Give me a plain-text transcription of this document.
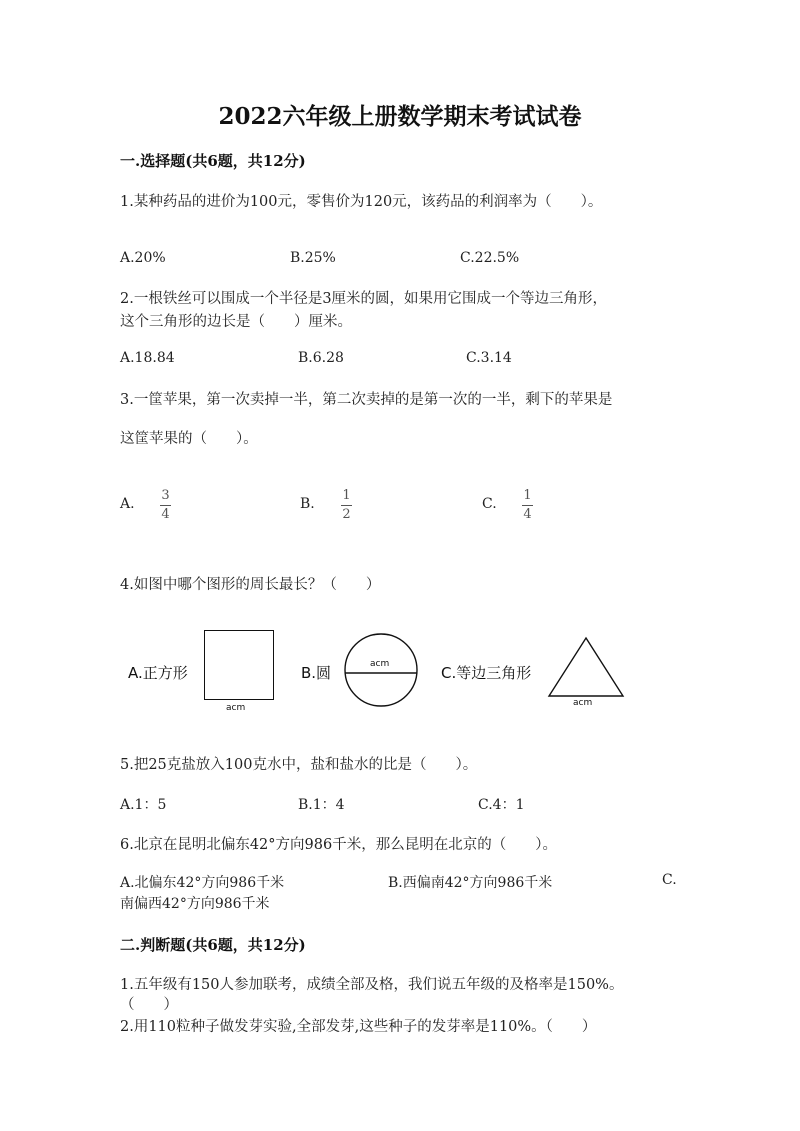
2022六年级上册数学期末考试试卷
一.选择题(共6题，共12分)
1.某种药品的进价为100元，零售价为120元，该药品的利润率为（　　）。
A.20%	B.25%	C.22.5%
2.一根铁丝可以围成一个半径是3厘米的圆，如果用它围成一个等边三角形，
这个三角形的边长是（　　）厘米。
A.18.84	B.6.28	C.3.14
3.一筐苹果，第一次卖掉一半，第二次卖掉的是第一次的一半，剩下的苹果是
这筐苹果的（　　）。
A.
3
4
B.
1
2
C.
1
4
4.如图中哪个图形的周长最长？（　　）
A.正方形
acm
B.圆	acm	C.等边三角形
acm
5.把25克盐放入100克水中，盐和盐水的比是（　　）。
A.1：5	B.1：4	C.4：1
6.北京在昆明北偏东42°方向986千米，那么昆明在北京的（　　）。
A.北偏东42°方向986千米	B.西偏南42°方向986千米	C.
南偏西42°方向986千米
二.判断题(共6题，共12分)
1.五年级有150人参加联考，成绩全部及格，我们说五年级的及格率是150%。
（　　）
2.用110粒种子做发芽实验,全部发芽,这些种子的发芽率是110%。（　　）
